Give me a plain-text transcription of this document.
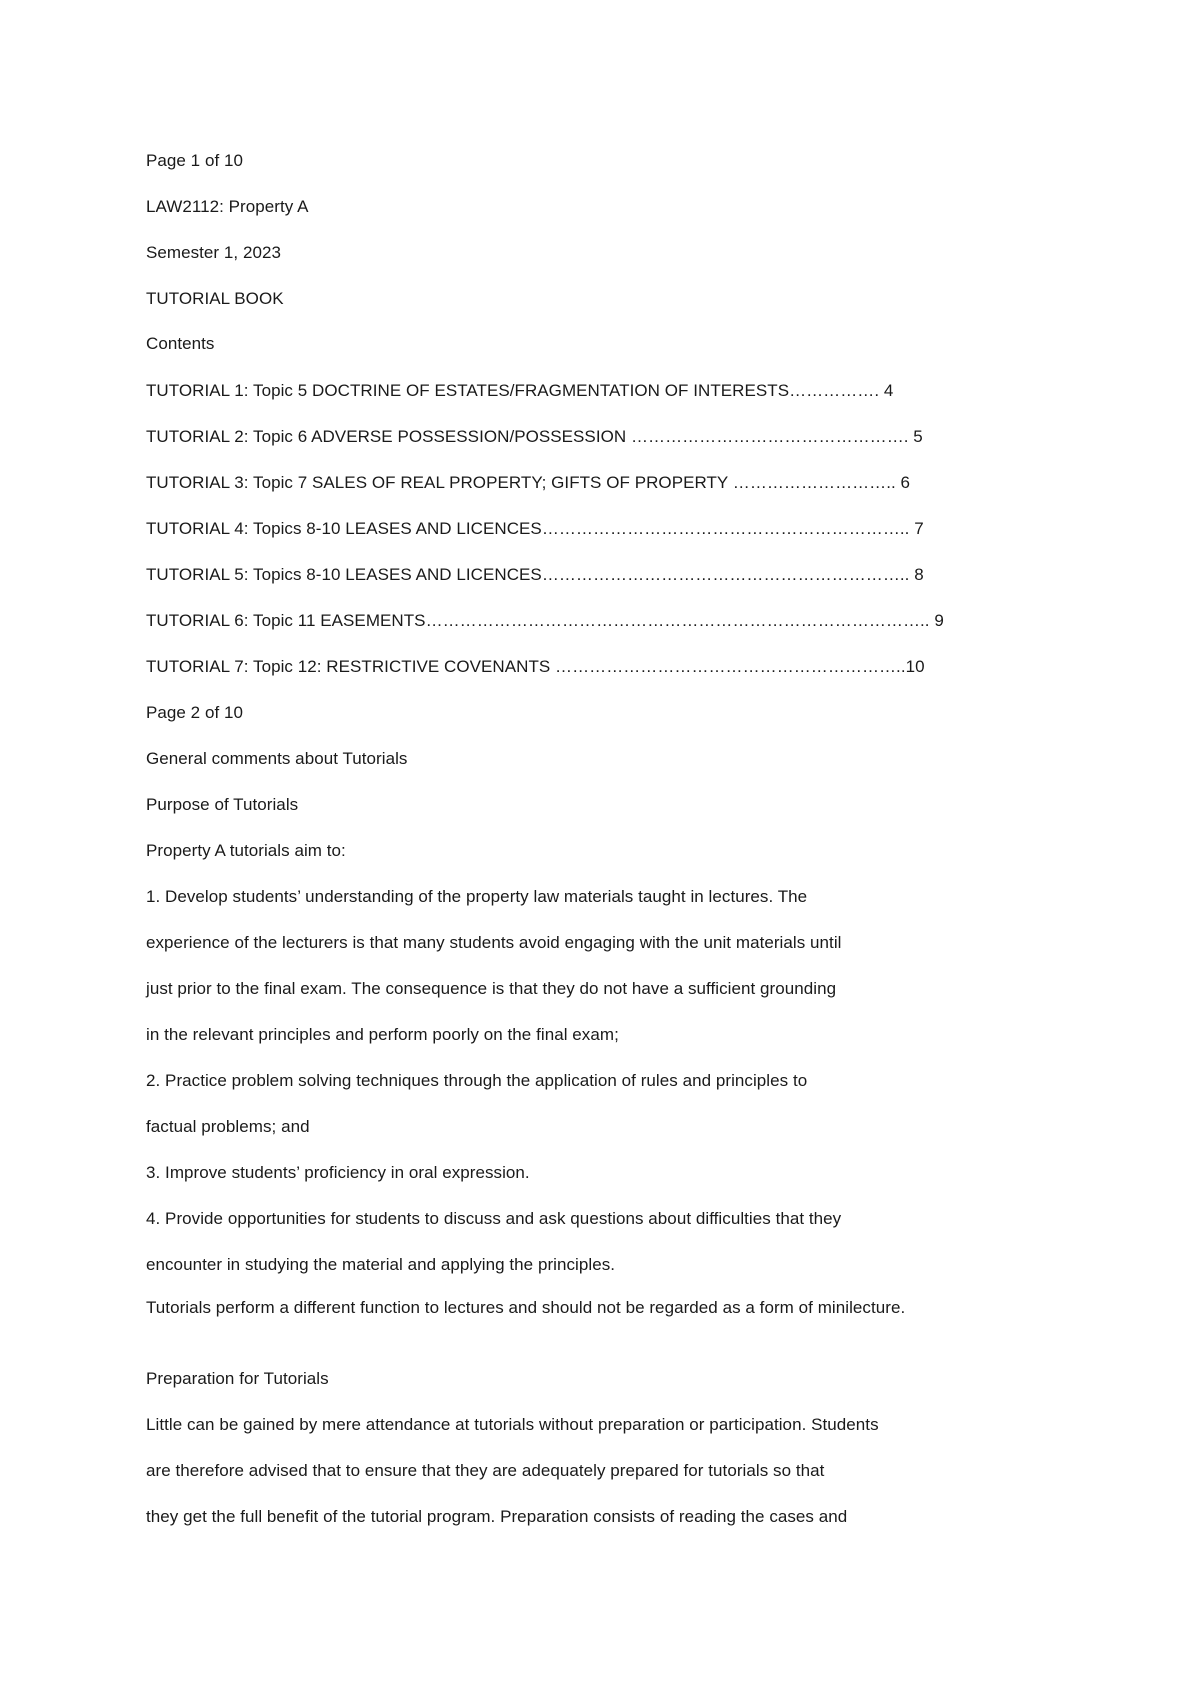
Page 1 of 10
LAW2112: Property A
Semester 1, 2023
TUTORIAL BOOK
Contents
TUTORIAL 1: Topic 5 DOCTRINE OF ESTATES/FRAGMENTATION OF INTERESTS……………. 4
TUTORIAL 2: Topic 6 ADVERSE POSSESSION/POSSESSION …………………………………………. 5
TUTORIAL 3: Topic 7 SALES OF REAL PROPERTY; GIFTS OF PROPERTY ……………………….. 6
TUTORIAL 4: Topics 8-10 LEASES AND LICENCES……………………………………………………….. 7
TUTORIAL 5: Topics 8-10 LEASES AND LICENCES……………………………………………………….. 8
TUTORIAL 6: Topic 11 EASEMENTS…………………………………………………………………………….. 9
TUTORIAL 7: Topic 12: RESTRICTIVE COVENANTS ……………………………………………………..10
Page 2 of 10
General comments about Tutorials
Purpose of Tutorials
Property A tutorials aim to:
1. Develop students’ understanding of the property law materials taught in lectures. The
experience of the lecturers is that many students avoid engaging with the unit materials until
just prior to the final exam. The consequence is that they do not have a sufficient grounding
in the relevant principles and perform poorly on the final exam;
2. Practice problem solving techniques through the application of rules and principles to
factual problems; and
3. Improve students’ proficiency in oral expression.
4. Provide opportunities for students to discuss and ask questions about difficulties that they
encounter in studying the material and applying the principles.
Tutorials perform a different function to lectures and should not be regarded as a form of minilecture.
Preparation for Tutorials
Little can be gained by mere attendance at tutorials without preparation or participation. Students
are therefore advised that to ensure that they are adequately prepared for tutorials so that
they get the full benefit of the tutorial program. Preparation consists of reading the cases and
